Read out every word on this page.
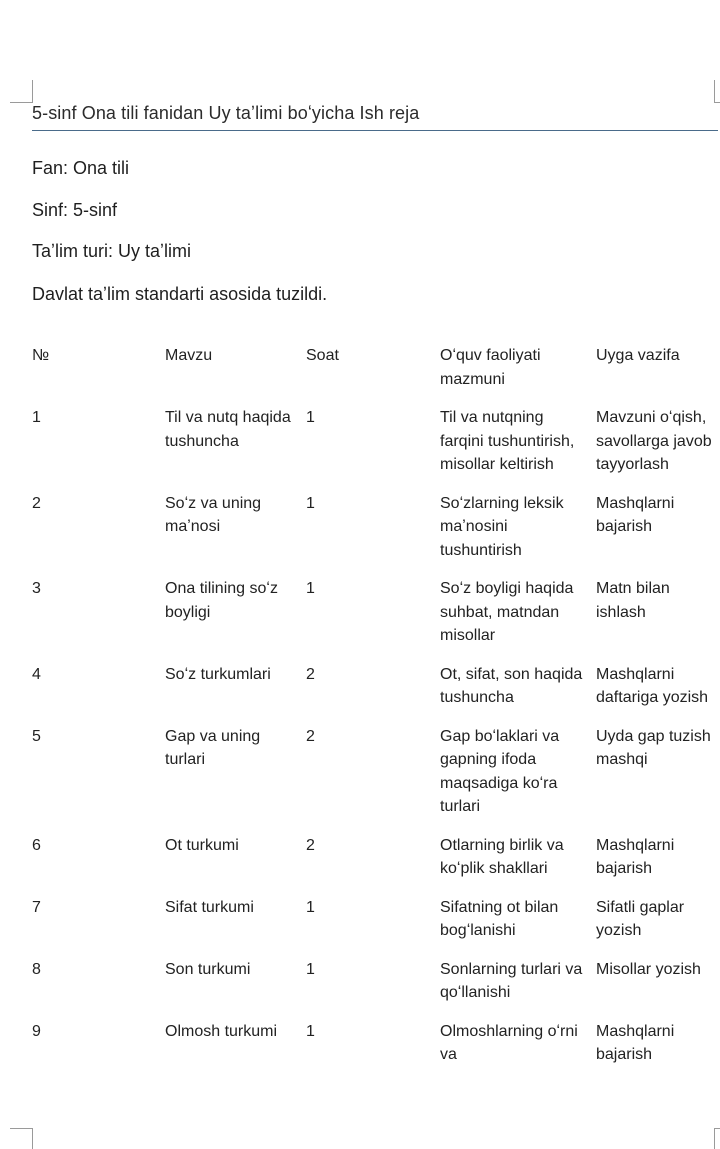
5-sinf Ona tili fanidan Uy taʼlimi boʻyicha Ish reja
Fan: Ona tili
Sinf: 5-sinf
Taʼlim turi: Uy taʼlimi
Davlat taʼlim standarti asosida tuzildi.
№	Mavzu	Soat	Oʻquv faoliyati mazmuni	Uyga vazifa
1	Til va nutq haqida tushuncha	1	Til va nutqning farqini tushuntirish, misollar keltirish	Mavzuni oʻqish, savollarga javob tayyorlash
2	Soʻz va uning maʼnosi	1	Soʻzlarning leksik maʼnosini tushuntirish	Mashqlarni bajarish
3	Ona tilining soʻz boyligi	1	Soʻz boyligi haqida suhbat, matndan misollar	Matn bilan ishlash
4	Soʻz turkumlari	2	Ot, sifat, son haqida tushuncha	Mashqlarni daftariga yozish
5	Gap va uning turlari	2	Gap boʻlaklari va gapning ifoda maqsadiga koʻra turlari	Uyda gap tuzish mashqi
6	Ot turkumi	2	Otlarning birlik va koʻplik shakllari	Mashqlarni bajarish
7	Sifat turkumi	1	Sifatning ot bilan bogʻlanishi	Sifatli gaplar yozish
8	Son turkumi	1	Sonlarning turlari va qoʻllanishi	Misollar yozish
9	Olmosh turkumi	1	Olmoshlarning oʻrni va	Mashqlarni bajarish
